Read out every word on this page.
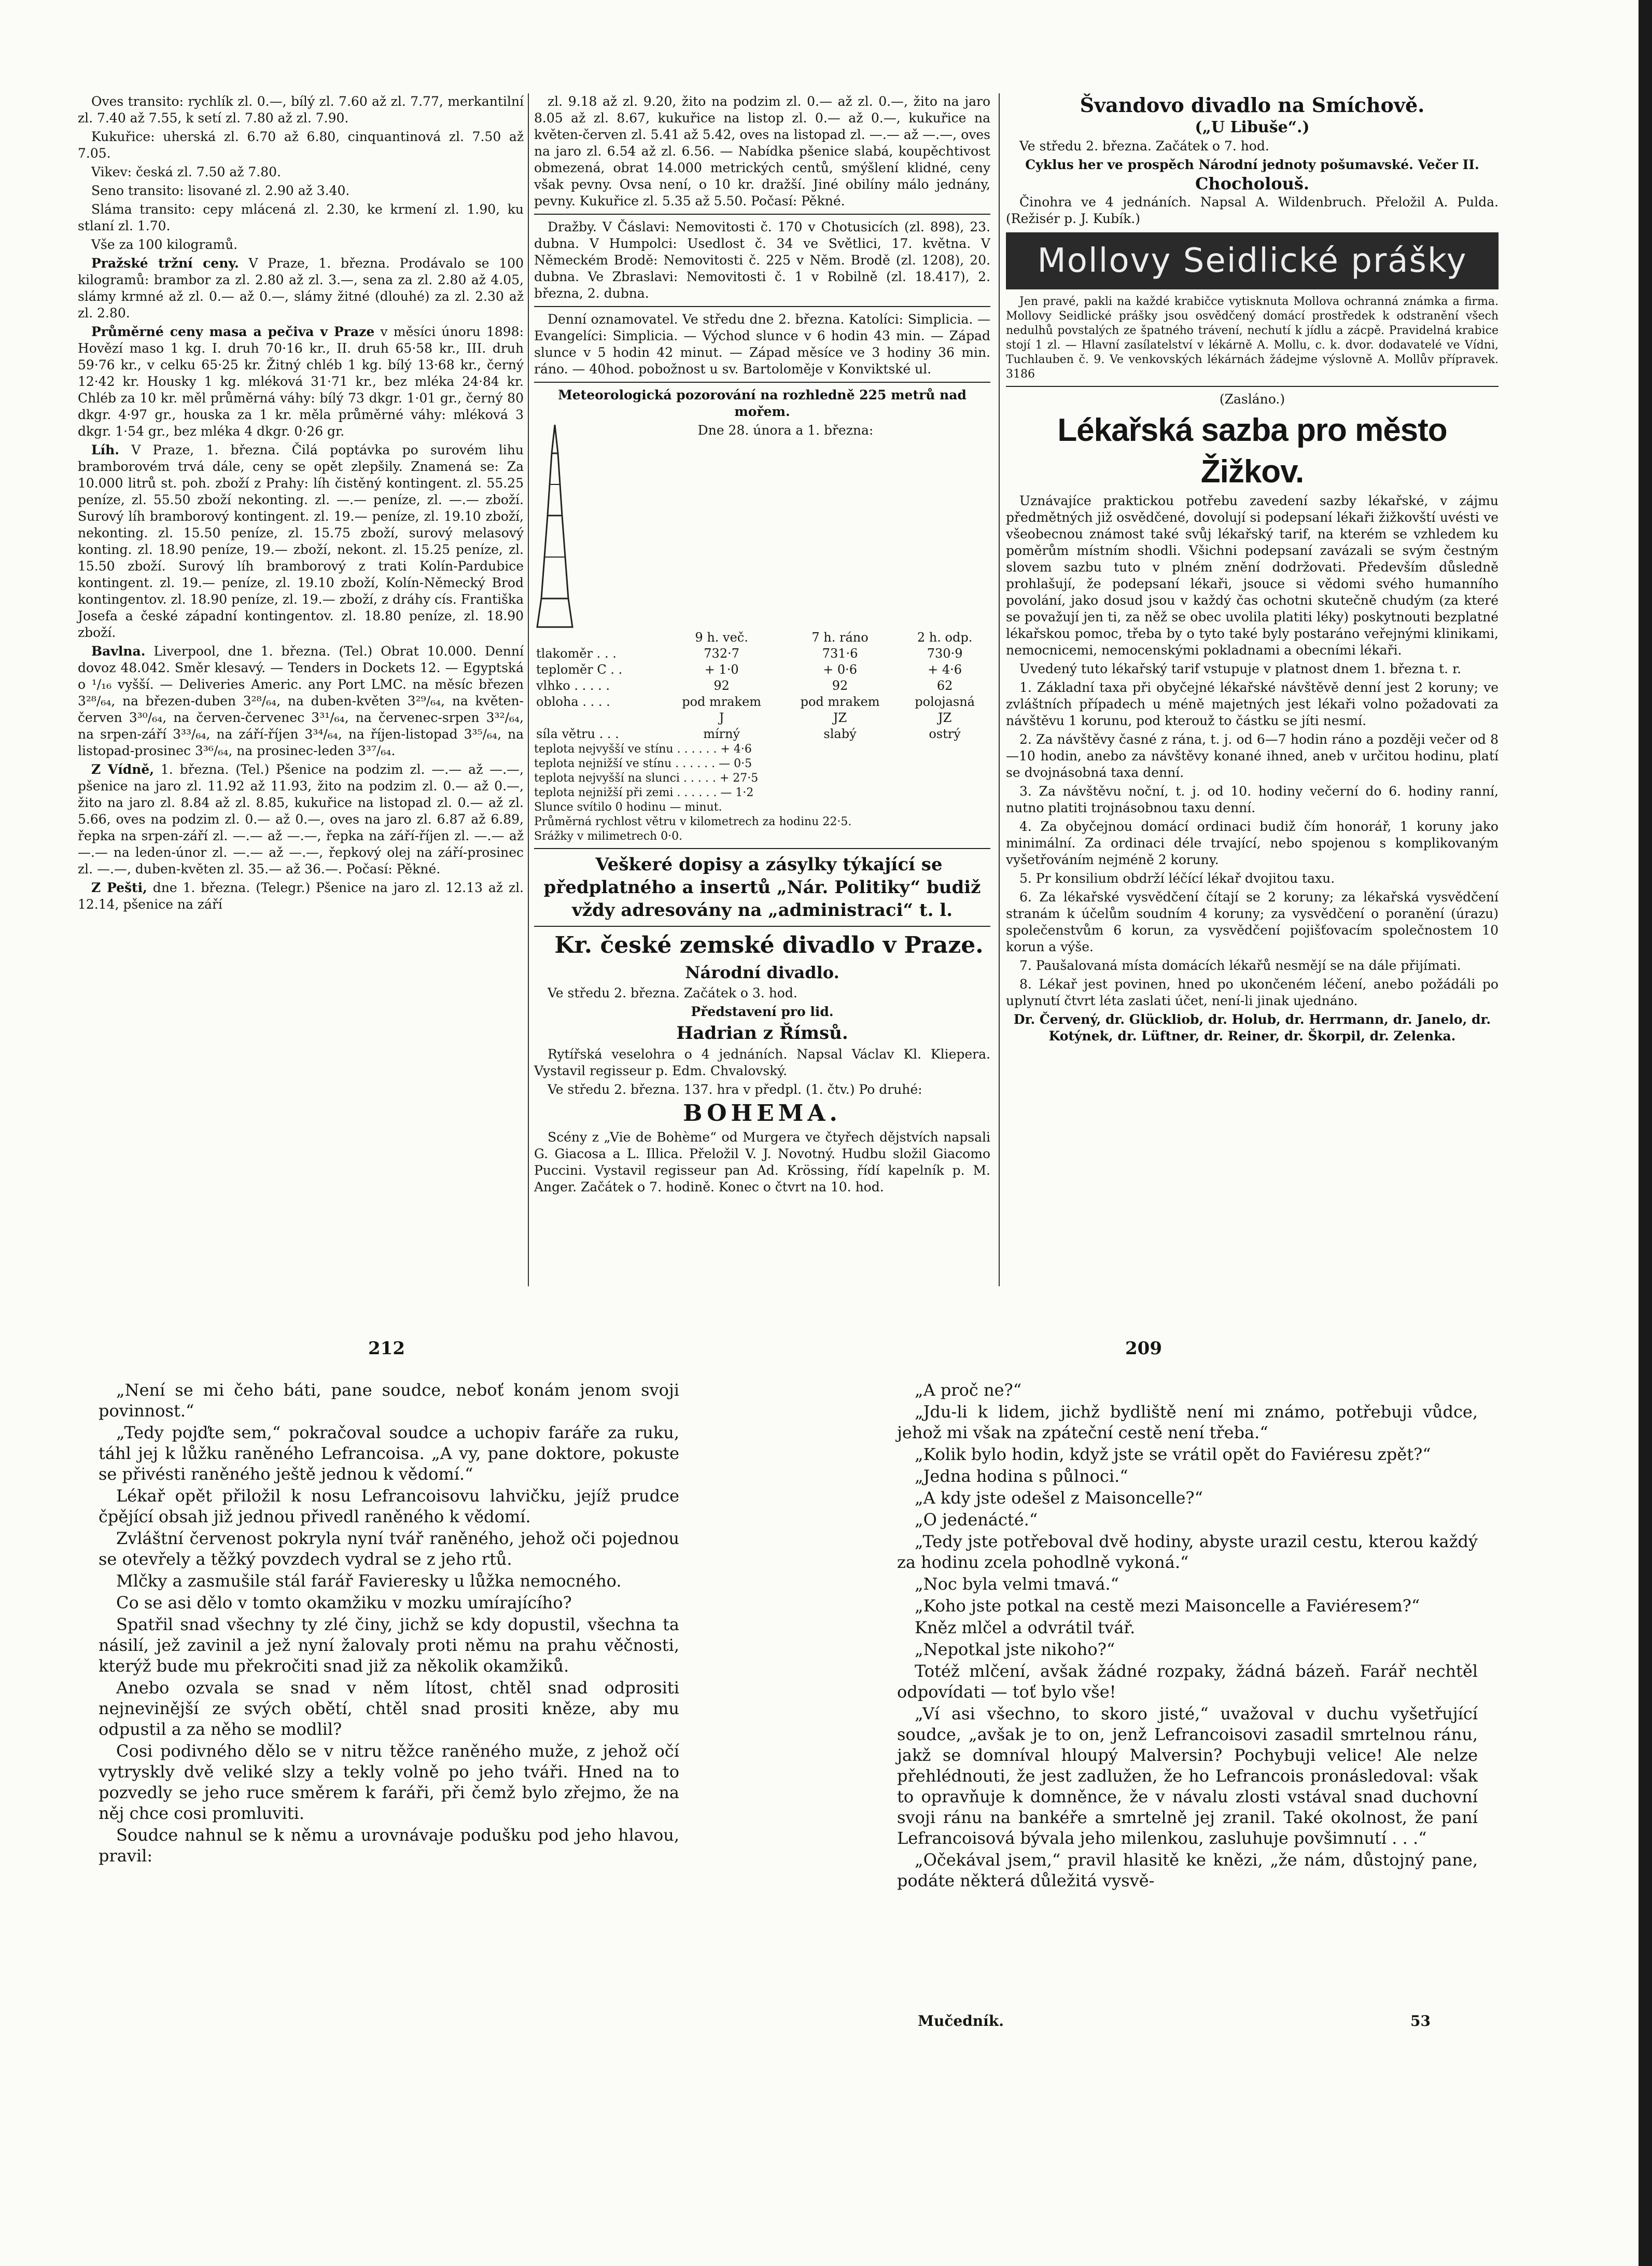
Oves transito: rychlík zl. 0.—, bílý zl. 7.60 až zl. 7.77, merkantilní zl. 7.40 až 7.55, k setí zl. 7.80 až zl. 7.90.

Kukuřice: uherská zl. 6.70 až 6.80, cinquantinová zl. 7.50 až 7.05.

Vikev: česká zl. 7.50 až 7.80.

Seno transito: lisované zl. 2.90 až 3.40.

Sláma transito: cepy mlácená zl. 2.30, ke krmení zl. 1.90, ku stlaní zl. 1.70.

Vše za 100 kilogramů.

Pražské tržní ceny. V Praze, 1. března. Prodávalo se 100 kilogramů: brambor za zl. 2.80 až zl. 3.—, sena za zl. 2.80 až 4.05, slámy krmné až zl. 0.— až 0.—, slámy žitné (dlouhé) za zl. 2.30 až zl. 2.80.

Průměrné ceny masa a pečiva v Praze v měsíci únoru 1898: Hovězí maso 1 kg. I. druh 70·16 kr., II. druh 65·58 kr., III. druh 59·76 kr., v celku 65·25 kr. Žitný chléb 1 kg. bílý 13·68 kr., černý 12·42 kr. Housky 1 kg. mléková 31·71 kr., bez mléka 24·84 kr. Chléb za 10 kr. měl průměrná váhy: bílý 73 dkgr. 1·01 gr., černý 80 dkgr. 4·97 gr., houska za 1 kr. měla průměrné váhy: mléková 3 dkgr. 1·54 gr., bez mléka 4 dkgr. 0·26 gr.

Líh. V Praze, 1. března. Čilá poptávka po surovém lihu bramborovém trvá dále, ceny se opět zlepšily. Znamená se: Za 10.000 litrů st. poh. zboží z Prahy: líh čistěný kontingent. zl. 55.25 peníze, zl. 55.50 zboží nekonting. zl. —.— peníze, zl. —.— zboží. Surový líh bramborový kontingent. zl. 19.— peníze, zl. 19.10 zboží, nekonting. zl. 15.50 peníze, zl. 15.75 zboží, surový melasový konting. zl. 18.90 peníze, 19.— zboží, nekont. zl. 15.25 peníze, zl. 15.50 zboží. Surový líh bramborový z trati Kolín-Pardubice kontingent. zl. 19.— peníze, zl. 19.10 zboží, Kolín-Německý Brod kontingentov. zl. 18.90 peníze, zl. 19.— zboží, z dráhy cís. Františka Josefa a české západní kontingentov. zl. 18.80 peníze, zl. 18.90 zboží.

Bavlna. Liverpool, dne 1. března. (Tel.) Obrat 10.000. Denní dovoz 48.042. Směr klesavý. — Tenders in Dockets 12. — Egyptská o ¹/₁₆ vyšší. — Deliveries Americ. any Port LMC. na měsíc březen 3²⁸/₆₄, na březen-duben 3²⁸/₆₄, na duben-květen 3²⁹/₆₄, na květen-červen 3³⁰/₆₄, na červen-červenec 3³¹/₆₄, na červenec-srpen 3³²/₆₄, na srpen-září 3³³/₆₄, na září-říjen 3³⁴/₆₄, na říjen-listopad 3³⁵/₆₄, na listopad-prosinec 3³⁶/₆₄, na prosinec-leden 3³⁷/₆₄.

Z Vídně, 1. března. (Tel.) Pšenice na podzim zl. —.— až —.—, pšenice na jaro zl. 11.92 až 11.93, žito na podzim zl. 0.— až 0.—, žito na jaro zl. 8.84 až zl. 8.85, kukuřice na listopad zl. 0.— až zl. 5.66, oves na podzim zl. 0.— až 0.—, oves na jaro zl. 6.87 až 6.89, řepka na srpen-září zl. —.— až —.—, řepka na září-říjen zl. —.— až —.— na leden-únor zl. —.— až —.—, řepkový olej na září-prosinec zl. —.—, duben-květen zl. 35.— až 36.—. Počasí: Pěkné.

Z Pešti, dne 1. března. (Telegr.) Pšenice na jaro zl. 12.13 až zl. 12.14, pšenice na září

zl. 9.18 až zl. 9.20, žito na podzim zl. 0.— až zl. 0.—, žito na jaro 8.05 až zl. 8.67, kukuřice na listop zl. 0.— až 0.—, kukuřice na květen-červen zl. 5.41 až 5.42, oves na listopad zl. —.— až —.—, oves na jaro zl. 6.54 až zl. 6.56. — Nabídka pšenice slabá, koupěchtivost obmezená, obrat 14.000 metrických centů, smýšlení klidné, ceny však pevny. Ovsa není, o 10 kr. dražší. Jiné obilíny málo jednány, pevny. Kukuřice zl. 5.35 až 5.50. Počasí: Pěkné.

Dražby. V Čáslavi: Nemovitosti č. 170 v Chotusicích (zl. 898), 23. dubna. V Humpolci: Usedlost č. 34 ve Světlici, 17. května. V Německém Brodě: Nemovitosti č. 225 v Něm. Brodě (zl. 1208), 20. dubna. Ve Zbraslavi: Nemovitosti č. 1 v Robilně (zl. 18.417), 2. března, 2. dubna.

Denní oznamovatel. Ve středu dne 2. března. Katolíci: Simplicia. — Evangelíci: Simplicia. — Východ slunce v 6 hodin 43 min. — Západ slunce v 5 hodin 42 minut. — Západ měsíce ve 3 hodiny 36 min. ráno. — 40hod. pobožnost u sv. Bartoloměje v Konviktské ul.

Meteorologická pozorování na rozhledně 225 metrů nad mořem.

Dne 28. února a 1. března:

	9 h. več.	7 h. ráno	2 h. odp.
tlakoměr . . .	732·7	731·6	730·9
teploměr C . .	+ 1·0	+ 0·6	+ 4·6
vlhko . . . . .	92	92	62
obloha . . . .	pod mrakem	pod mrakem	polojasná
	J	JZ	JZ
síla větru . . .	mírný	slabý	ostrý
teplota nejvyšší ve stínu . . . . . . + 4·6
teplota nejnižší ve stínu . . . . . . — 0·5
teplota nejvyšší na slunci . . . . . + 27·5
teplota nejnižší při zemi . . . . . . — 1·2
Slunce svítilo 0 hodinu — minut.
Průměrná rychlost větru v kilometrech za hodinu 22·5.
Srážky v milimetrech 0·0.

Veškeré dopisy a zásylky týkající se předplatného a insertů „Nár. Politiky“ budiž vždy adresovány na „administraci“ t. l.

Kr. české zemské divadlo v Praze.

Národní divadlo.

Ve středu 2. března. Začátek o 3. hod.

Představení pro lid.

Hadrian z Římsů.

Rytířská veselohra o 4 jednáních. Napsal Václav Kl. Kliepera. Vystavil regisseur p. Edm. Chvalovský.

Ve středu 2. března. 137. hra v předpl. (1. čtv.) Po druhé:

BOHEMA.

Scény z „Vie de Bohème“ od Murgera ve čtyřech dějstvích napsali G. Giacosa a L. Illica. Přeložil V. J. Novotný. Hudbu složil Giacomo Puccini. Vystavil regisseur pan Ad. Krössing, řídí kapelník p. M. Anger. Začátek o 7. hodině. Konec o čtvrt na 10. hod.

Švandovo divadlo na Smíchově.

(„U Libuše“.)

Ve středu 2. března. Začátek o 7. hod.

Cyklus her ve prospěch Národní jednoty pošumavské. Večer II.

Chocholouš.

Činohra ve 4 jednáních. Napsal A. Wildenbruch. Přeložil A. Pulda. (Režisér p. J. Kubík.)

Mollovy Seidlické prášky

Jen pravé, pakli na každé krabičce vytisknuta Mollova ochranná známka a firma. Mollovy Seidlické prášky jsou osvědčený domácí prostředek k odstranění všech nedulhů povstalých ze špatného trávení, nechutí k jídlu a zácpě. Pravidelná krabice stojí 1 zl. — Hlavní zasílatelství v lékárně A. Mollu, c. k. dvor. dodavatelé ve Vídni, Tuchlauben č. 9. Ve venkovských lékárnách žádejme výslovně A. Mollův přípravek. 3186

(Zasláno.)

Lékařská sazba pro město Žižkov.

Uznávajíce praktickou potřebu zavedení sazby lékařské, v zájmu předmětných již osvědčené, dovolují si podepsaní lékaři žižkovští uvésti ve všeobecnou známost také svůj lékařský tarif, na kterém se vzhledem ku poměrům místním shodli. Všichni podepsaní zavázali se svým čestným slovem sazbu tuto v plném znění dodržovati. Především důsledně prohlašují, že podepsaní lékaři, jsouce si vědomi svého humanního povolání, jako dosud jsou v každý čas ochotni skutečně chudým (za které se považují jen ti, za něž se obec uvolila platiti léky) poskytnouti bezplatné lékařskou pomoc, třeba by o tyto také byly postaráno veřejnými klinikami, nemocnicemi, nemocenskými pokladnami a obecními lékaři.

Uvedený tuto lékařský tarif vstupuje v platnost dnem 1. března t. r.

1. Základní taxa při obyčejné lékařské návštěvě denní jest 2 koruny; ve zvláštních případech u méně majetných jest lékaři volno požadovati za návštěvu 1 korunu, pod kterouž to částku se jíti nesmí.

2. Za návštěvy časné z rána, t. j. od 6—7 hodin ráno a později večer od 8—10 hodin, anebo za návštěvy konané ihned, aneb v určitou hodinu, platí se dvojnásobná taxa denní.

3. Za návštěvu noční, t. j. od 10. hodiny večerní do 6. hodiny ranní, nutno platiti trojnásobnou taxu denní.

4. Za obyčejnou domácí ordinaci budiž čím honorář, 1 koruny jako minimální. Za ordinaci déle trvající, nebo spojenou s komplikovaným vyšetřováním nejméně 2 koruny.

5. Pr konsilium obdrží léčící lékař dvojitou taxu.

6. Za lékařské vysvědčení čítají se 2 koruny; za lékařská vysvědčení stranám k účelům soudním 4 koruny; za vysvědčení o poranění (úrazu) společenstvům 6 korun, za vysvědčení pojišťovacím společnostem 10 korun a výše.

7. Paušalovaná místa domácích lékařů nesmějí se na dále přijímati.

8. Lékař jest povinen, hned po ukončeném léčení, anebo požádáli po uplynutí čtvrt léta zaslati účet, není-li jinak ujednáno.

Dr. Červený, dr. Glückliob, dr. Holub, dr. Herrmann, dr. Janelo, dr. Kotýnek, dr. Lüftner, dr. Reiner, dr. Škorpil, dr. Zelenka.

212	209

„Není se mi čeho báti, pane soudce, neboť konám jenom svoji povinnost.“

„Tedy pojďte sem,“ pokračoval soudce a uchopiv faráře za ruku, táhl jej k lůžku raněného Lefrancoisa. „A vy, pane doktore, pokuste se přivésti raněného ještě jednou k vědomí.“

Lékař opět přiložil k nosu Lefrancoisovu lahvičku, jejíž prudce čpějící obsah již jednou přivedl raněného k vědomí.

Zvláštní červenost pokryla nyní tvář raněného, jehož oči pojednou se otevřely a těžký povzdech vydral se z jeho rtů.

Mlčky a zasmušile stál farář Favieresky u lůžka nemocného.

Co se asi dělo v tomto okamžiku v mozku umírajícího?

Spatřil snad všechny ty zlé činy, jichž se kdy dopustil, všechna ta násilí, jež zavinil a jež nyní žalovaly proti němu na prahu věčnosti, kterýž bude mu překročiti snad již za několik okamžiků.

Anebo ozvala se snad v něm lítost, chtěl snad odprositi nejnevinější ze svých obětí, chtěl snad prositi kněze, aby mu odpustil a za něho se modlil?

Cosi podivného dělo se v nitru těžce raněného muže, z jehož očí vytryskly dvě veliké slzy a tekly volně po jeho tváři. Hned na to pozvedly se jeho ruce směrem k faráři, při čemž bylo zřejmo, že na něj chce cosi promluviti.

Soudce nahnul se k němu a urovnávaje podušku pod jeho hlavou, pravil:

„A proč ne?“

„Jdu-li k lidem, jichž bydliště není mi známo, potřebuji vůdce, jehož mi však na zpáteční cestě není třeba.“

„Kolik bylo hodin, když jste se vrátil opět do Faviéresu zpět?“

„Jedna hodina s půlnoci.“

„A kdy jste odešel z Maisoncelle?“

„O jedenácté.“

„Tedy jste potřeboval dvě hodiny, abyste urazil cestu, kterou každý za hodinu zcela pohodlně vykoná.“

„Noc byla velmi tmavá.“

„Koho jste potkal na cestě mezi Maisoncelle a Faviéresem?“

Kněz mlčel a odvrátil tvář.

„Nepotkal jste nikoho?“

Totéž mlčení, avšak žádné rozpaky, žádná bázeň. Farář nechtěl odpovídati — toť bylo vše!

„Ví asi všechno, to skoro jisté,“ uvažoval v duchu vyšetřující soudce, „avšak je to on, jenž Lefrancoisovi zasadil smrtelnou ránu, jakž se domníval hloupý Malversin? Pochybuji velice! Ale nelze přehlédnouti, že jest zadlužen, že ho Lefrancois pronásledoval: však to opravňuje k domněnce, že v návalu zlosti vstával snad duchovní svoji ránu na bankéře a smrtelně jej zranil. Také okolnost, že paní Lefrancoisová bývala jeho milenkou, zasluhuje povšimnutí . . .“

„Očekával jsem,“ pravil hlasitě ke knězi, „že nám, důstojný pane, podáte některá důležitá vysvě-

Mučedník.	53
